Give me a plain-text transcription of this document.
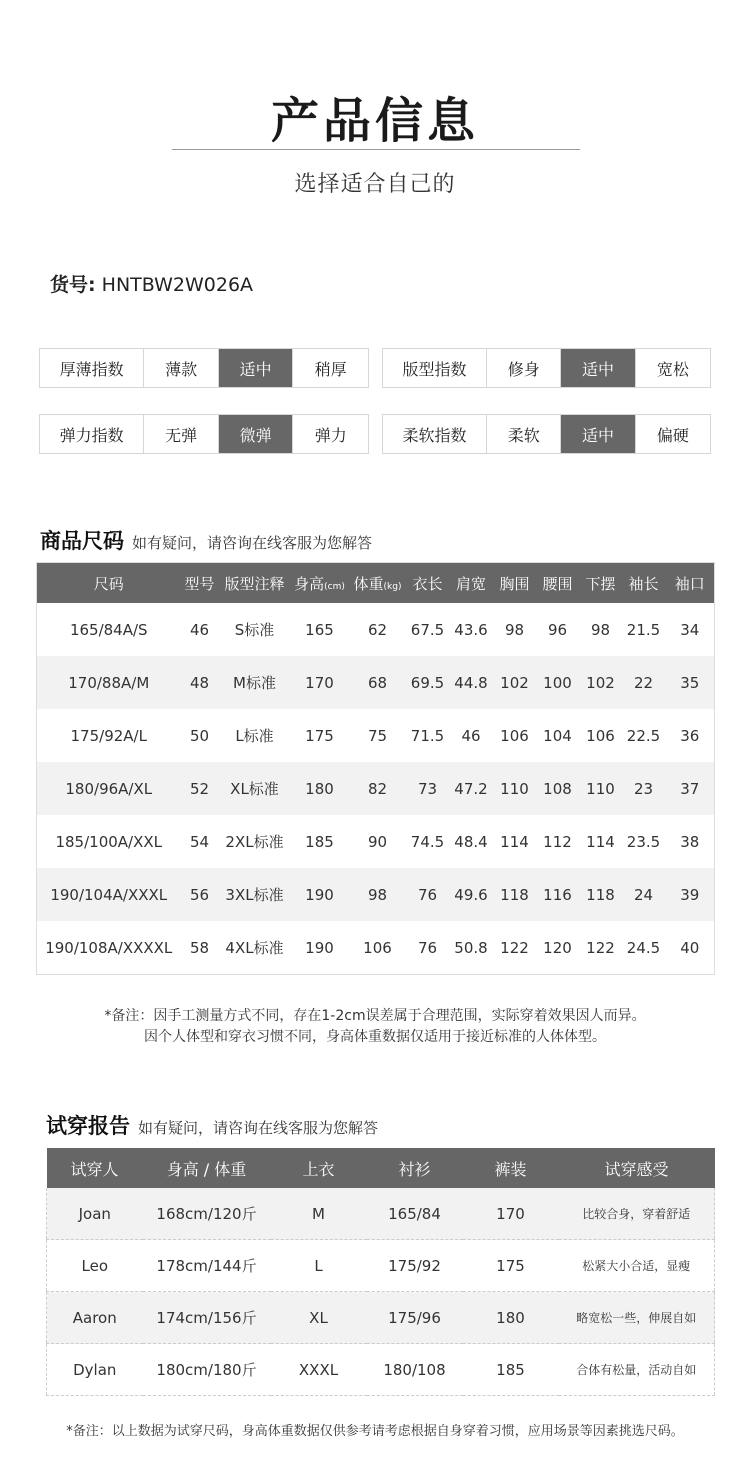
产品信息
选择适合自己的
货号: HNTBW2W026A
厚薄指数	薄款	适中	稍厚	版型指数	修身	适中	宽松
弹力指数	无弹	微弹	弹力	柔软指数	柔软	适中	偏硬
商品尺码 如有疑问，请咨询在线客服为您解答
尺码	型号	版型注释	身高(cm)	体重(kg)	衣长	肩宽	胸围	腰围	下摆	袖长	袖口
165/84A/S	46	S标准	165	62	67.5	43.6	98	96	98	21.5	34
170/88A/M	48	M标准	170	68	69.5	44.8	102	100	102	22	35
175/92A/L	50	L标准	175	75	71.5	46	106	104	106	22.5	36
180/96A/XL	52	XL标准	180	82	73	47.2	110	108	110	23	37
185/100A/XXL	54	2XL标准	185	90	74.5	48.4	114	112	114	23.5	38
190/104A/XXXL	56	3XL标准	190	98	76	49.6	118	116	118	24	39
190/108A/XXXXL	58	4XL标准	190	106	76	50.8	122	120	122	24.5	40
*备注：因手工测量方式不同，存在1-2cm误差属于合理范围，实际穿着效果因人而异。
因个人体型和穿衣习惯不同，身高体重数据仅适用于接近标准的人体体型。
试穿报告 如有疑问，请咨询在线客服为您解答
试穿人	身高 / 体重	上衣	衬衫	裤装	试穿感受
Joan	168cm/120斤	M	165/84	170	比较合身，穿着舒适
Leo	178cm/144斤	L	175/92	175	松紧大小合适，显瘦
Aaron	174cm/156斤	XL	175/96	180	略宽松一些，伸展自如
Dylan	180cm/180斤	XXXL	180/108	185	合体有松量，活动自如
*备注：以上数据为试穿尺码，身高体重数据仅供参考请考虑根据自身穿着习惯，应用场景等因素挑选尺码。
